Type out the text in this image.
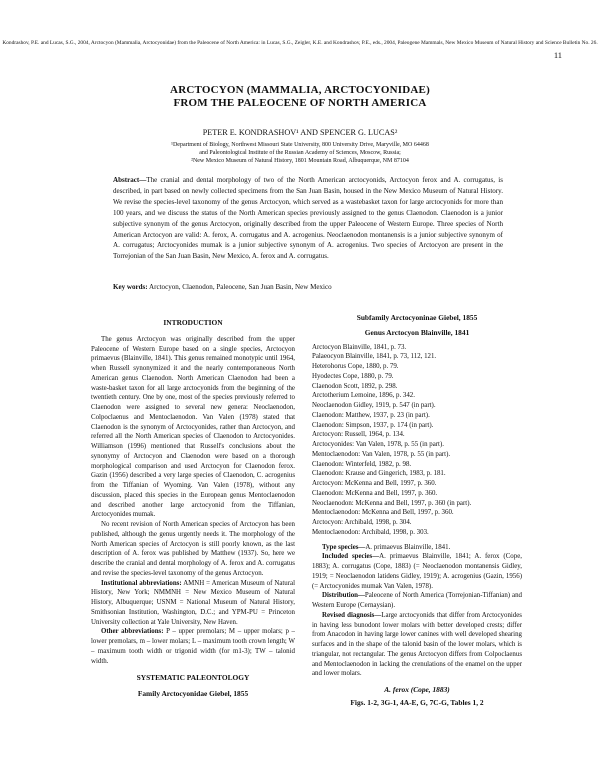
Kondrashov, P.E. and Lucas, S.G., 2004, Arctocyon (Mammalia, Arctocyonidae) from the Paleocene of North America: in Lucas, S.G., Zeigler, K.E. and Kondrashov, P.E., eds., 2004, Paleogene Mammals, New Mexico Museum of Natural History and Science Bulletin No. 26.
11
ARCTOCYON (MAMMALIA, ARCTOCYONIDAE)
FROM THE PALEOCENE OF NORTH AMERICA
PETER E. KONDRASHOV¹ AND SPENCER G. LUCAS²
¹Department of Biology, Northwest Missouri State University, 800 University Drive, Maryville, MO 64468
and Paleontological Institute of the Russian Academy of Sciences, Moscow, Russia;
²New Mexico Museum of Natural History, 1801 Mountain Road, Albuquerque, NM 87104
Abstract—The cranial and dental morphology of two of the North American arctocyonids, Arctocyon ferox and A. corrugatus, is described, in part based on newly collected specimens from the San Juan Basin, housed in the New Mexico Museum of Natural History. We revise the species-level taxonomy of the genus Arctocyon, which served as a wastebasket taxon for large arctocyonids for more than 100 years, and we discuss the status of the North American species previously assigned to the genus Claenodon. Claenodon is a junior subjective synonym of the genus Arctocyon, originally described from the upper Paleocene of Western Europe. Three species of North American Arctocyon are valid: A. ferox, A. corrugatus and A. acrogenius. Neoclaenodon montanensis is a junior subjective synonym of A. corrugatus; Arctocyonides mumak is a junior subjective synonym of A. acrogenius. Two species of Arctocyon are present in the Torrejonian of the San Juan Basin, New Mexico, A. ferox and A. corrugatus.
Key words: Arctocyon, Claenodon, Paleocene, San Juan Basin, New Mexico
INTRODUCTION

The genus Arctocyon was originally described from the upper Paleocene of Western Europe based on a single species, Arctocyon primaevus (Blainville, 1841). This genus remained monotypic until 1964, when Russell synonymized it and the nearly contemporaneous North American genus Claenodon. North American Claenodon had been a waste-basket taxon for all large arctocyonids from the beginning of the twentieth century. One by one, most of the species previously referred to Claenodon were assigned to several new genera: Neoclaenodon, Colpoclaenus and Mentoclaenodon. Van Valen (1978) stated that Claenodon is the synonym of Arctocyonides, rather than Arctocyon, and referred all the North American species of Claenodon to Arctocyonides. Williamson (1996) mentioned that Russell's conclusions about the synonymy of Arctocyon and Claenodon were based on a thorough morphological comparison and used Arctocyon for Claenodon ferox. Gazin (1956) described a very large species of Claenodon, C. acrogenius from the Tiffanian of Wyoming. Van Valen (1978), without any discussion, placed this species in the European genus Mentoclaenodon and described another large arctocyonid from the Tiffanian, Arctocyonides mumak.

No recent revision of North American species of Arctocyon has been published, although the genus urgently needs it. The morphology of the North American species of Arctocyon is still poorly known, as the last description of A. ferox was published by Matthew (1937). So, here we describe the cranial and dental morphology of A. ferox and A. corrugatus and revise the species-level taxonomy of the genus Arctocyon.

Institutional abbreviations: AMNH = American Museum of Natural History, New York; NMMNH = New Mexico Museum of Natural History, Albuquerque; USNM = National Museum of Natural History, Smithsonian Institution, Washington, D.C.; and YPM-PU = Princeton University collection at Yale University, New Haven.

Other abbreviations: P – upper premolars; M – upper molars; p – lower premolars, m – lower molars; L – maximum tooth crown length; W – maximum tooth width or trigonid width (for m1-3); TW – talonid width.

SYSTEMATIC PALEONTOLOGY
Family Arctocyonidae Giebel, 1855
Subfamily Arctocyoninae Giebel, 1855
Genus Arctocyon Blainville, 1841
Arctocyon Blainville, 1841, p. 73.
Palaeocyon Blainville, 1841, p. 73, 112, 121.
Heterohorus Cope, 1880, p. 79.
Hyodectes Cope, 1880, p. 79.
Claenodon Scott, 1892, p. 298.
Arctotherium Lemoine, 1896, p. 342.
Neoclaenodon Gidley, 1919, p. 547 (in part).
Claenodon: Matthew, 1937, p. 23 (in part).
Claenodon: Simpson, 1937, p. 174 (in part).
Arctocyon: Russell, 1964, p. 134.
Arctocyonides: Van Valen, 1978, p. 55 (in part).
Mentoclaenodon: Van Valen, 1978, p. 55 (in part).
Claenodon: Winterfeld, 1982, p. 98.
Claenodon: Krause and Gingerich, 1983, p. 181.
Arctocyon: McKenna and Bell, 1997, p. 360.
Claenodon: McKenna and Bell, 1997, p. 360.
Neoclaenodon: McKenna and Bell, 1997, p. 360 (in part).
Mentoclaenodon: McKenna and Bell, 1997, p. 360.
Arctocyon: Archibald, 1998, p. 304.
Mentoclaenodon: Archibald, 1998, p. 303.

Type species—A. primaevus Blainville, 1841.

Included species—A. primaevus Blainville, 1841; A. ferox (Cope, 1883); A. corrugatus (Cope, 1883) (= Neoclaenodon montanensis Gidley, 1919; = Neoclaenodon latidens Gidley, 1919); A. acrogenius (Gazin, 1956) (= Arctocyonides mumak Van Valen, 1978).

Distribution—Paleocene of North America (Torrejonian-Tiffanian) and Western Europe (Cernaysian).

Revised diagnosis—Large arctocyonids that differ from Arctocyonides in having less bunodont lower molars with better developed crests; differ from Anacodon in having large lower canines with well developed shearing surfaces and in the shape of the talonid basin of the lower molars, which is triangular, not rectangular. The genus Arctocyon differs from Colpoclaenus and Mentoclaenodon in lacking the crenulations of the enamel on the upper and lower molars.

A. ferox (Cope, 1883)
Figs. 1-2, 3G-1, 4A-E, G, 7C-G, Tables 1, 2
